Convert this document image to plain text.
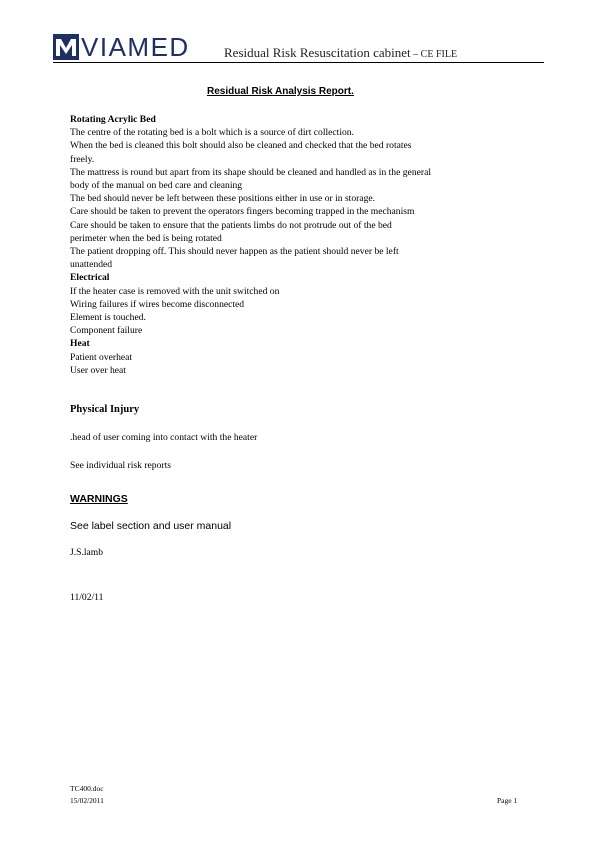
VIAMED	Residual Risk Resuscitation cabinet – CE FILE
Residual Risk Analysis Report.

Rotating Acrylic Bed

The centre of the rotating bed is a bolt which is a source of dirt collection.

When the bed is cleaned this bolt should also be cleaned and checked that the bed rotates

freely.

The mattress is round but apart from its shape should be cleaned and handled as in the general

body of the manual on bed care and cleaning

The bed should never be left between these positions either in use or in storage.

Care should be taken to prevent the operators fingers becoming trapped in the mechanism

Care should be taken to ensure that the patients limbs do not protrude out of the bed

perimeter when the bed is being rotated

The patient dropping off. This should never happen as the patient should never be left

unattended

Electrical

If the heater case is removed with the unit switched on

Wiring failures if wires become disconnected

Element is touched.

Component failure

Heat

Patient overheat

User over heat

Physical Injury
.head of user coming into contact with the heater
See individual risk reports
WARNINGS
See label section and user manual
J.S.lamb
11/02/11
TC400.doc
15/02/2011	Page 1
